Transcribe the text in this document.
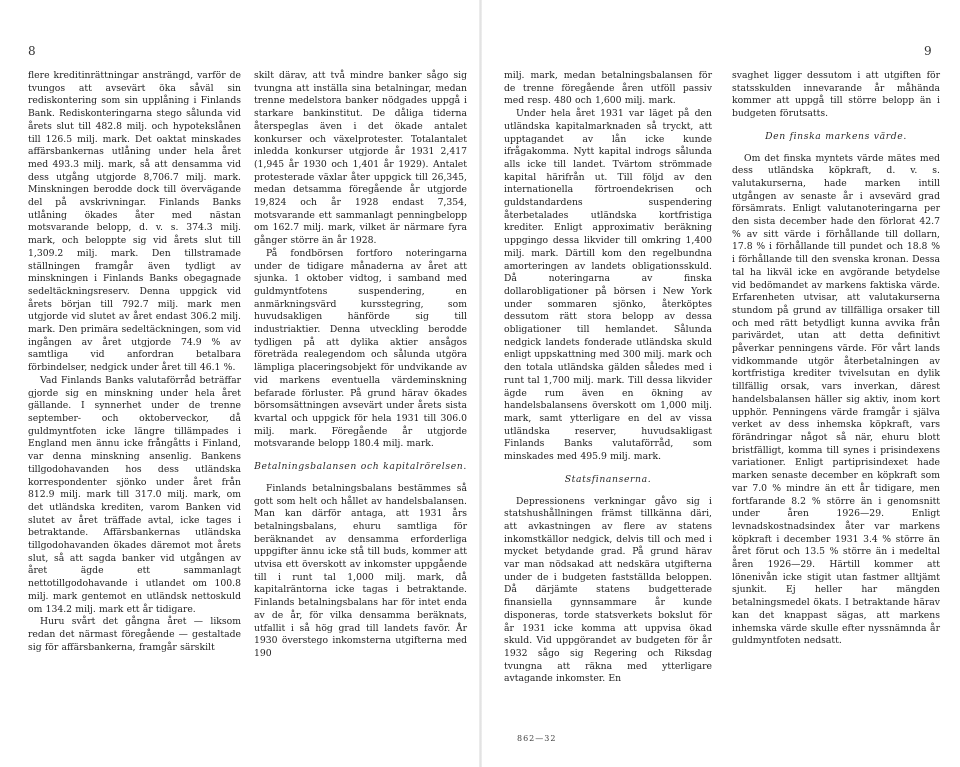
8	9

flere kreditinrättningar ansträngd, varför de tvungos att avsevärt öka såväl sin rediskontering som sin upplåning i Finlands Bank. Rediskonteringarna stego sålunda vid årets slut till 482.8 milj. och hypotekslånen till 126.5 milj. mark. Det oaktat minskades affärsbankernas utlåning under hela året med 493.3 milj. mark, så att densamma vid dess utgång utgjorde 8,706.7 milj. mark. Minskningen berodde dock till övervägande del på avskrivningar. Finlands Banks utlåning ökades åter med nästan motsvarande belopp, d. v. s. 374.3 milj. mark, och beloppte sig vid årets slut till 1,309.2 milj. mark. Den tillstramade ställningen framgår även tydligt av minskningen i Finlands Banks obegagnade sedeltäckningsreserv. Denna uppgick vid årets början till 792.7 milj. mark men utgjorde vid slutet av året endast 306.2 milj. mark. Den primära sedeltäckningen, som vid ingången av året utgjorde 74.9 % av samtliga vid anfordran betalbara förbindelser, nedgick under året till 46.1 %.

Vad Finlands Banks valutaförråd beträffar gjorde sig en minskning under hela året gällande. I synnerhet under de trenne september- och oktoberveckor, då guldmyntfoten icke längre tillämpades i England men ännu icke frångåtts i Finland, var denna minskning ansenlig. Bankens tillgodohavanden hos dess utländska korrespondenter sjönko under året från 812.9 milj. mark till 317.0 milj. mark, om det utländska krediten, varom Banken vid slutet av året träffade avtal, icke tages i betraktande. Affärsbankernas utländska tillgodohavanden ökades däremot mot årets slut, så att sagda banker vid utgången av året ägde ett sammanlagt nettotillgodohavande i utlandet om 100.8 milj. mark gentemot en utländsk nettoskuld om 134.2 milj. mark ett år tidigare.

Huru svårt det gångna året — liksom redan det närmast föregående — gestaltade sig för affärsbankerna, framgår särskilt

skilt därav, att två mindre banker sågo sig tvungna att inställa sina betalningar, medan trenne medelstora banker nödgades uppgå i starkare bankinstitut. De dåliga tiderna återspeglas även i det ökade antalet konkurser och växelprotester. Totalantalet inledda konkurser utgjorde år 1931 2,417 (1,945 år 1930 och 1,401 år 1929). Antalet protesterade växlar åter uppgick till 26,345, medan detsamma föregående år utgjorde 19,824 och år 1928 endast 7,354, motsvarande ett sammanlagt penningbelopp om 162.7 milj. mark, vilket är närmare fyra gånger större än år 1928.

På fondbörsen fortforo noteringarna under de tidigare månaderna av året att sjunka. 1 oktober vidtog, i samband med guldmyntfotens suspendering, en anmärkningsvärd kursstegring, som huvudsakligen hänförde sig till industriaktier. Denna utveckling berodde tydligen på att dylika aktier ansågos företräda realegendom och sålunda utgöra lämpliga placeringsobjekt för undvikande av vid markens eventuella värdeminskning befarade förluster. På grund härav ökades börsomsättningen avsevärt under årets sista kvartal och uppgick för hela 1931 till 306.0 milj. mark. Föregående år utgjorde motsvarande belopp 180.4 milj. mark.

Betalningsbalansen och kapitalrörelsen.

Finlands betalningsbalans bestämmes så gott som helt och hållet av handelsbalansen. Man kan därför antaga, att 1931 års betalningsbalans, ehuru samtliga för beräknandet av densamma erforderliga uppgifter ännu icke stå till buds, kommer att utvisa ett överskott av inkomster uppgående till i runt tal 1,000 milj. mark, då kapitalräntorna icke tagas i betraktande. Finlands betalningsbalans har för intet enda av de år, för vilka densamma beräknats, utfallit i så hög grad till landets favör. År 1930 överstego inkomsterna utgifterna med 190

milj. mark, medan betalningsbalansen för de trenne föregående åren utföll passiv med resp. 480 och 1,600 milj. mark.

Under hela året 1931 var läget på den utländska kapitalmarknaden så tryckt, att upptagandet av lån icke kunde ifrågakomma. Nytt kapital indrogs sålunda alls icke till landet. Tvärtom strömmade kapital härifrån ut. Till följd av den internationella förtroendekrisen och guldstandardens suspendering återbetalades utländska kortfristiga krediter. Enligt approximativ beräkning uppgingo dessa likvider till omkring 1,400 milj. mark. Därtill kom den regelbundna amorteringen av landets obligationsskuld. Då noteringarna av finska dollarobligationer på börsen i New York under sommaren sjönko, återköptes dessutom rätt stora belopp av dessa obligationer till hemlandet. Sålunda nedgick landets fonderade utländska skuld enligt uppskattning med 300 milj. mark och den totala utländska gälden således med i runt tal 1,700 milj. mark. Till dessa likvider ägde rum även en ökning av handelsbalansens överskott om 1,000 milj. mark, samt ytterligare en del av vissa utländska reserver, huvudsakligast Finlands Banks valutaförråd, som minskades med 495.9 milj. mark.

Statsfinanserna.

Depressionens verkningar gåvo sig i statshushållningen främst tillkänna däri, att avkastningen av flere av statens inkomstkällor nedgick, delvis till och med i mycket betydande grad. På grund härav var man nödsakad att nedskära utgifterna under de i budgeten fastställda beloppen. Då därjämte statens budgetterade finansiella gynnsammare år kunde disponeras, torde statsverkets bokslut för år 1931 icke komma att uppvisa ökad skuld. Vid uppgörandet av budgeten för år 1932 sågo sig Regering och Riksdag tvungna att räkna med ytterligare avtagande inkomster. En

svaghet ligger dessutom i att utgiften för statsskulden innevarande år måhända kommer att uppgå till större belopp än i budgeten förutsatts.

Den finska markens värde.

Om det finska myntets värde mätes med dess utländska köpkraft, d. v. s. valutakurserna, hade marken intill utgången av senaste år i avsevärd grad försämrats. Enligt valutanoteringarna per den sista december hade den förlorat 42.7 % av sitt värde i förhållande till dollarn, 17.8 % i förhållande till pundet och 18.8 % i förhållande till den svenska kronan. Dessa tal ha likväl icke en avgörande betydelse vid bedömandet av markens faktiska värde. Erfarenheten utvisar, att valutakurserna stundom på grund av tillfälliga orsaker till och med rätt betydligt kunna avvika från parivärdet, utan att detta definitivt påverkar penningens värde. För vårt lands vidkommande utgör återbetalningen av kortfristiga krediter tvivelsutan en dylik tillfällig orsak, vars inverkan, därest handelsbalansen häller sig aktiv, inom kort upphör. Penningens värde framgår i själva verket av dess inhemska köpkraft, vars förändringar något så när, ehuru blott bristfälligt, komma till synes i prisindexens variationer. Enligt partiprisindexet hade marken senaste december en köpkraft som var 7.0 % mindre än ett år tidigare, men fortfarande 8.2 % större än i genomsnitt under åren 1926—29. Enligt levnadskostnadsindex åter var markens köpkraft i december 1931 3.4 % större än året förut och 13.5 % större än i medeltal åren 1926—29. Härtill kommer att lönenivån icke stigit utan fastmer alltjämt sjunkit. Ej heller har mängden betalningsmedel ökats. I betraktande härav kan det knappast sägas, att markens inhemska värde skulle efter nyssnämnda år guldmyntfoten nedsatt.

862—32
